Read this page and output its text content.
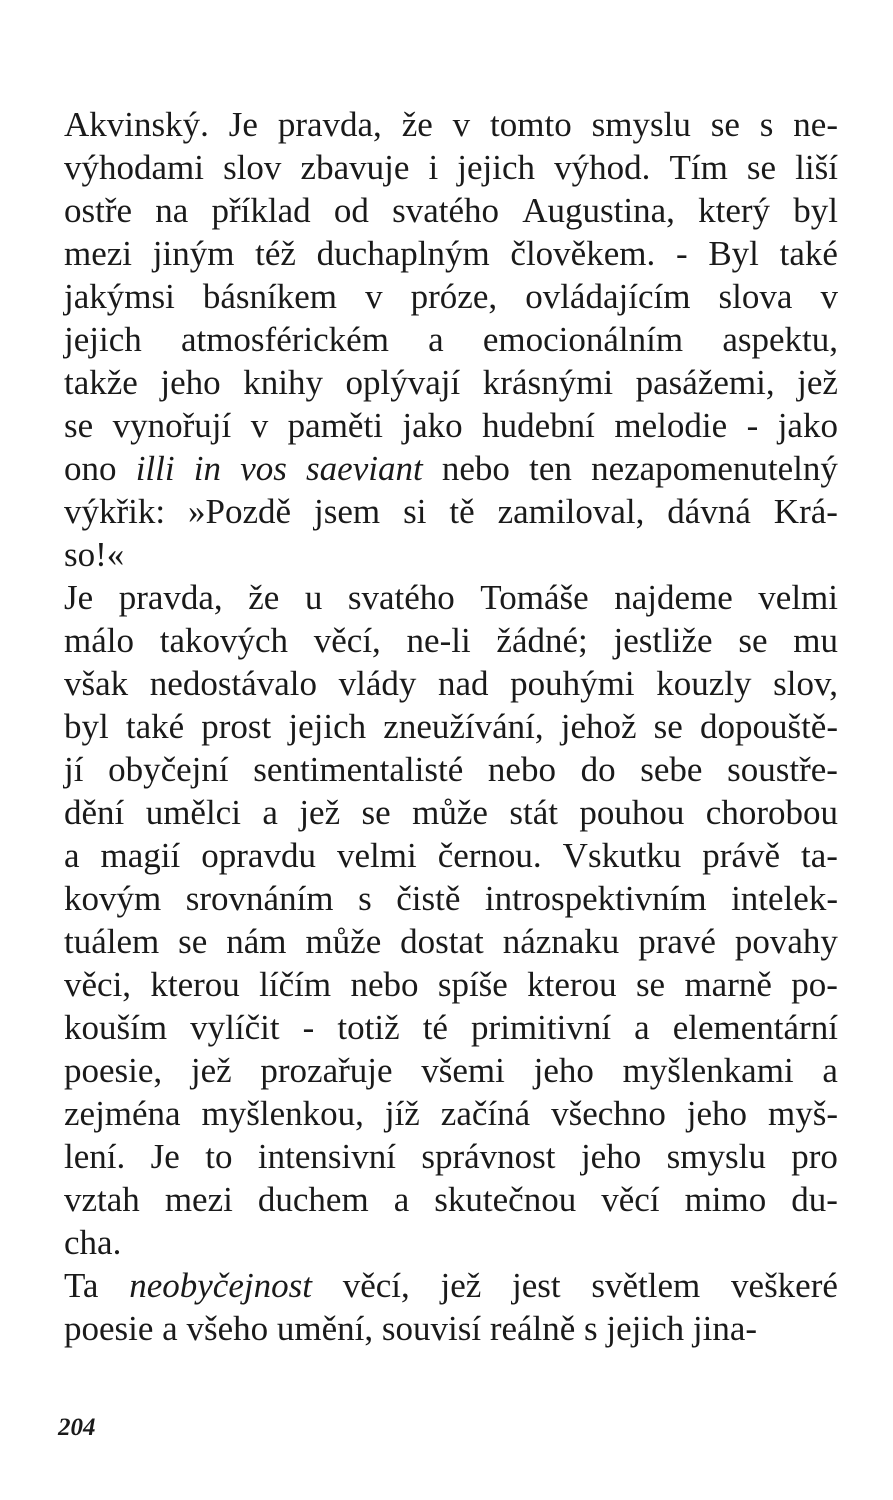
Akvinský. Je pravda, že v tomto smyslu se s ne-
výhodami slov zbavuje i jejich výhod. Tím se liší
ostře na příklad od svatého Augustina, který byl
mezi jiným též duchaplným člověkem. - Byl také
jakýmsi básníkem v próze, ovládajícím slova v
jejich atmosférickém a emocionálním aspektu,
takže jeho knihy oplývají krásnými pasážemi, jež
se vynořují v paměti jako hudební melodie - jako
ono illi in vos saeviant nebo ten nezapomenutelný
výkřik: »Pozdě jsem si tě zamiloval, dávná Krá-
so!«
Je pravda, že u svatého Tomáše najdeme velmi
málo takových věcí, ne-li žádné; jestliže se mu
však nedostávalo vlády nad pouhými kouzly slov,
byl také prost jejich zneužívání, jehož se dopouště-
jí obyčejní sentimentalisté nebo do sebe soustře-
dění umělci a jež se může stát pouhou chorobou
a magií opravdu velmi černou. Vskutku právě ta-
kovým srovnáním s čistě introspektivním intelek-
tuálem se nám může dostat náznaku pravé povahy
věci, kterou líčím nebo spíše kterou se marně po-
kouším vylíčit - totiž té primitivní a elementární
poesie, jež prozařuje všemi jeho myšlenkami a
zejména myšlenkou, jíž začíná všechno jeho myš-
lení. Je to intensivní správnost jeho smyslu pro
vztah mezi duchem a skutečnou věcí mimo du-
cha.
Ta neobyčejnost věcí, jež jest světlem veškeré
poesie a všeho umění, souvisí reálně s jejich jina-
204
